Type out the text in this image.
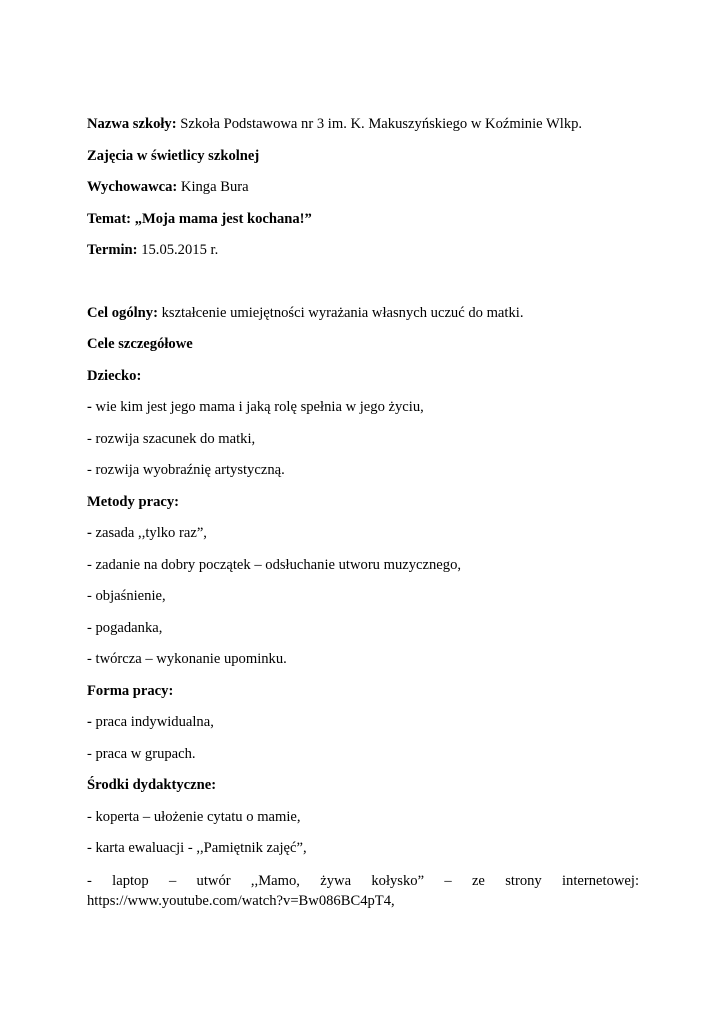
Nazwa szkoły: Szkoła Podstawowa nr 3 im. K. Makuszyńskiego w Koźminie Wlkp.
Zajęcia w świetlicy szkolnej
Wychowawca: Kinga Bura
Temat: „Moja mama jest kochana!”
Termin: 15.05.2015 r.
Cel ogólny: kształcenie umiejętności wyrażania własnych uczuć do matki.
Cele szczegółowe
Dziecko:
- wie kim jest jego mama i jaką rolę spełnia w jego życiu,
- rozwija szacunek do matki,
- rozwija wyobraźnię artystyczną.
Metody pracy:
- zasada ,,tylko raz”,
- zadanie na dobry początek – odsłuchanie utworu muzycznego,
- objaśnienie,
- pogadanka,
- twórcza – wykonanie upominku.
Forma pracy:
- praca indywidualna,
- praca w grupach.
Środki dydaktyczne:
- koperta – ułożenie cytatu o mamie,
- karta ewaluacji - ,,Pamiętnik zajęć”,
- laptop – utwór ,,Mamo, żywa kołysko” – ze strony internetowej:
https://www.youtube.com/watch?v=Bw086BC4pT4,
